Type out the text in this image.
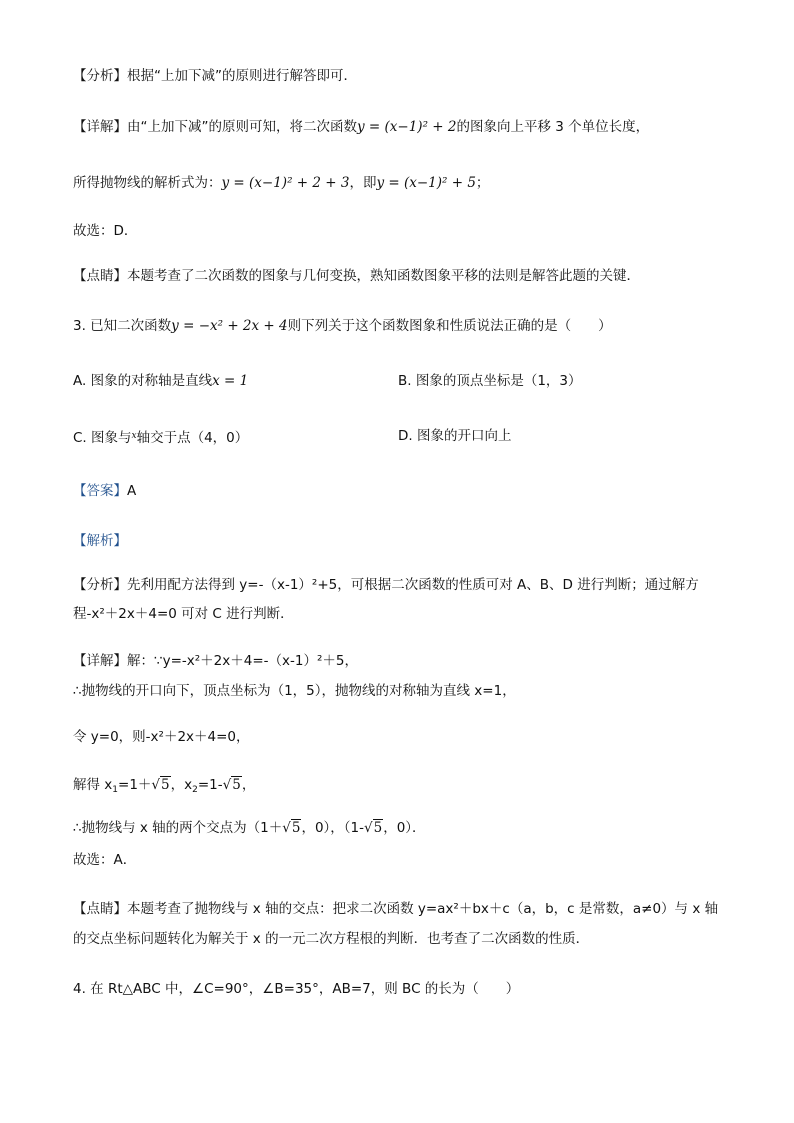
【分析】根据“上加下减”的原则进行解答即可．
【详解】由“上加下减”的原则可知，将二次函数y = (x−1)² + 2的图象向上平移 3 个单位长度，
所得抛物线的解析式为：y = (x−1)² + 2 + 3，即y = (x−1)² + 5；
故选：D．
【点睛】本题考查了二次函数的图象与几何变换，熟知函数图象平移的法则是解答此题的关键．
3. 已知二次函数y = −x² + 2x + 4则下列关于这个函数图象和性质说法正确的是（　　）
A. 图象的对称轴是直线x = 1	B. 图象的顶点坐标是（1，3）
C. 图象与$^x$轴交于点（4，0）	D. 图象的开口向上
【答案】A
【解析】
【分析】先利用配方法得到 y=-（x-1）²+5，可根据二次函数的性质可对 A、B、D 进行判断；通过解方
程-x²＋2x＋4=0 可对 C 进行判断．
【详解】解：∵y=-x²＋2x＋4=-（x-1）²＋5，
∴抛物线的开口向下，顶点坐标为（1，5），抛物线的对称轴为直线 x=1，
令 y=0，则-x²＋2x＋4=0，
解得 $x_1=1+√5$，$x_2=1-√5$，
∴抛物线与 x 轴的两个交点为（1＋√5，0），（1-√5，0）．
故选：A．
【点睛】本题考查了抛物线与 x 轴的交点：把求二次函数 y=ax²＋bx＋c（a，b，c 是常数，a≠0）与 x 轴
的交点坐标问题转化为解关于 x 的一元二次方程根的判断．也考查了二次函数的性质．
4. 在 Rt△ABC 中，∠C=90°，∠B=35°，AB=7，则 BC 的长为（　　）
